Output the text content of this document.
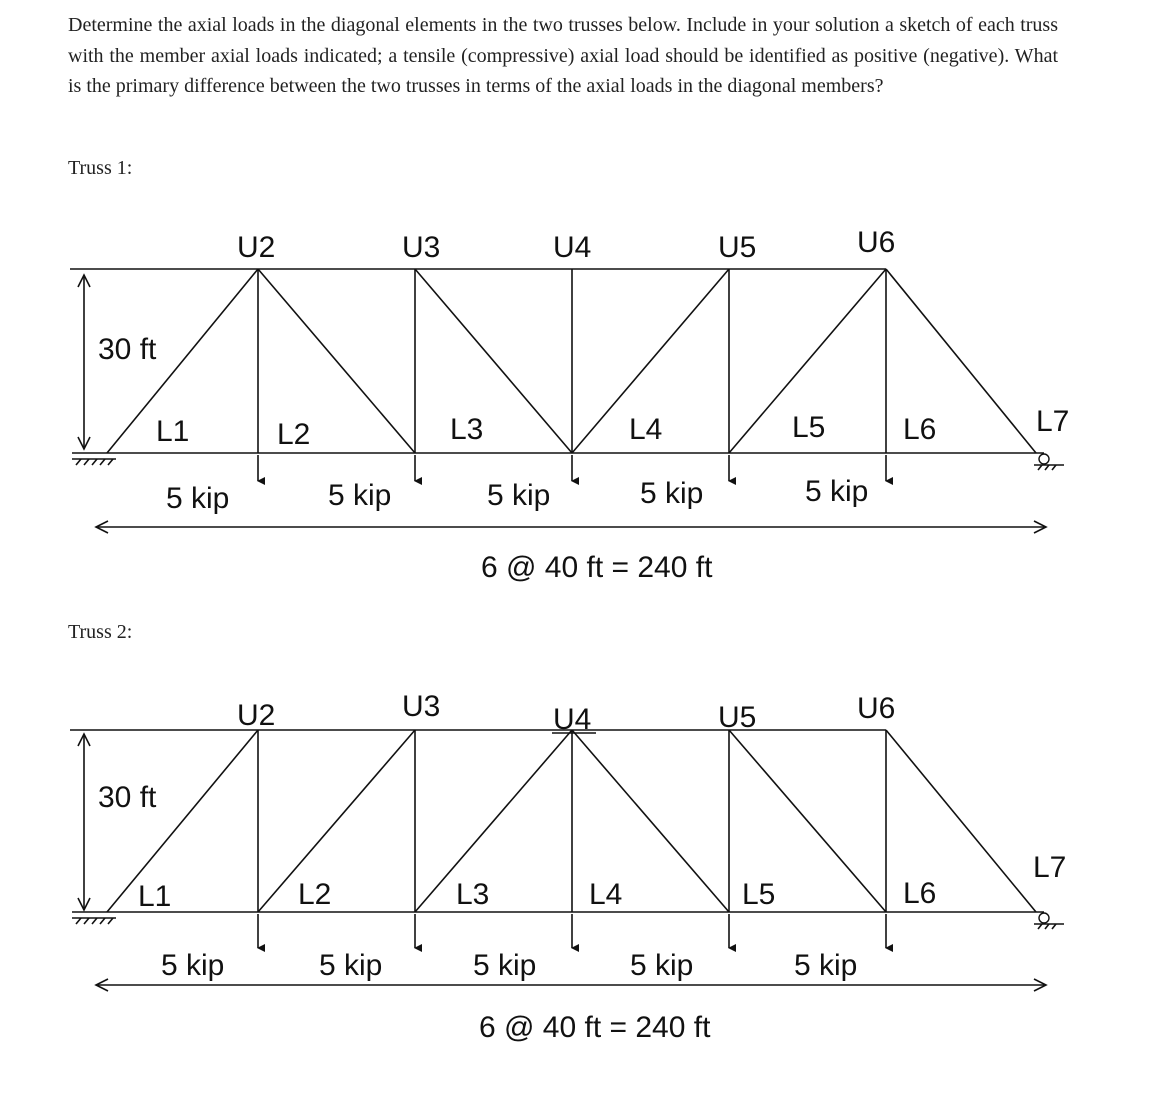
Determine the axial loads in the diagonal elements in the two trusses below. Include in your solution a sketch of each truss with the member axial loads indicated; a tensile (compressive) axial load should be identified as positive (negative). What is the primary difference between the two trusses in terms of the axial loads in the diagonal members?
Truss 1:
Truss 2:
U2	U3	U4	U5	U6
L1	L2	L3	L4	L5	L6	L7
30 ft
5 kip	5 kip	5 kip	5 kip	5 kip
6 @ 40 ft = 240 ft
U2	U3	U4	U5	U6
L1	L2	L3	L4	L5	L6
L7
30 ft
5 kip	5 kip	5 kip	5 kip	5 kip
6 @ 40 ft = 240 ft
